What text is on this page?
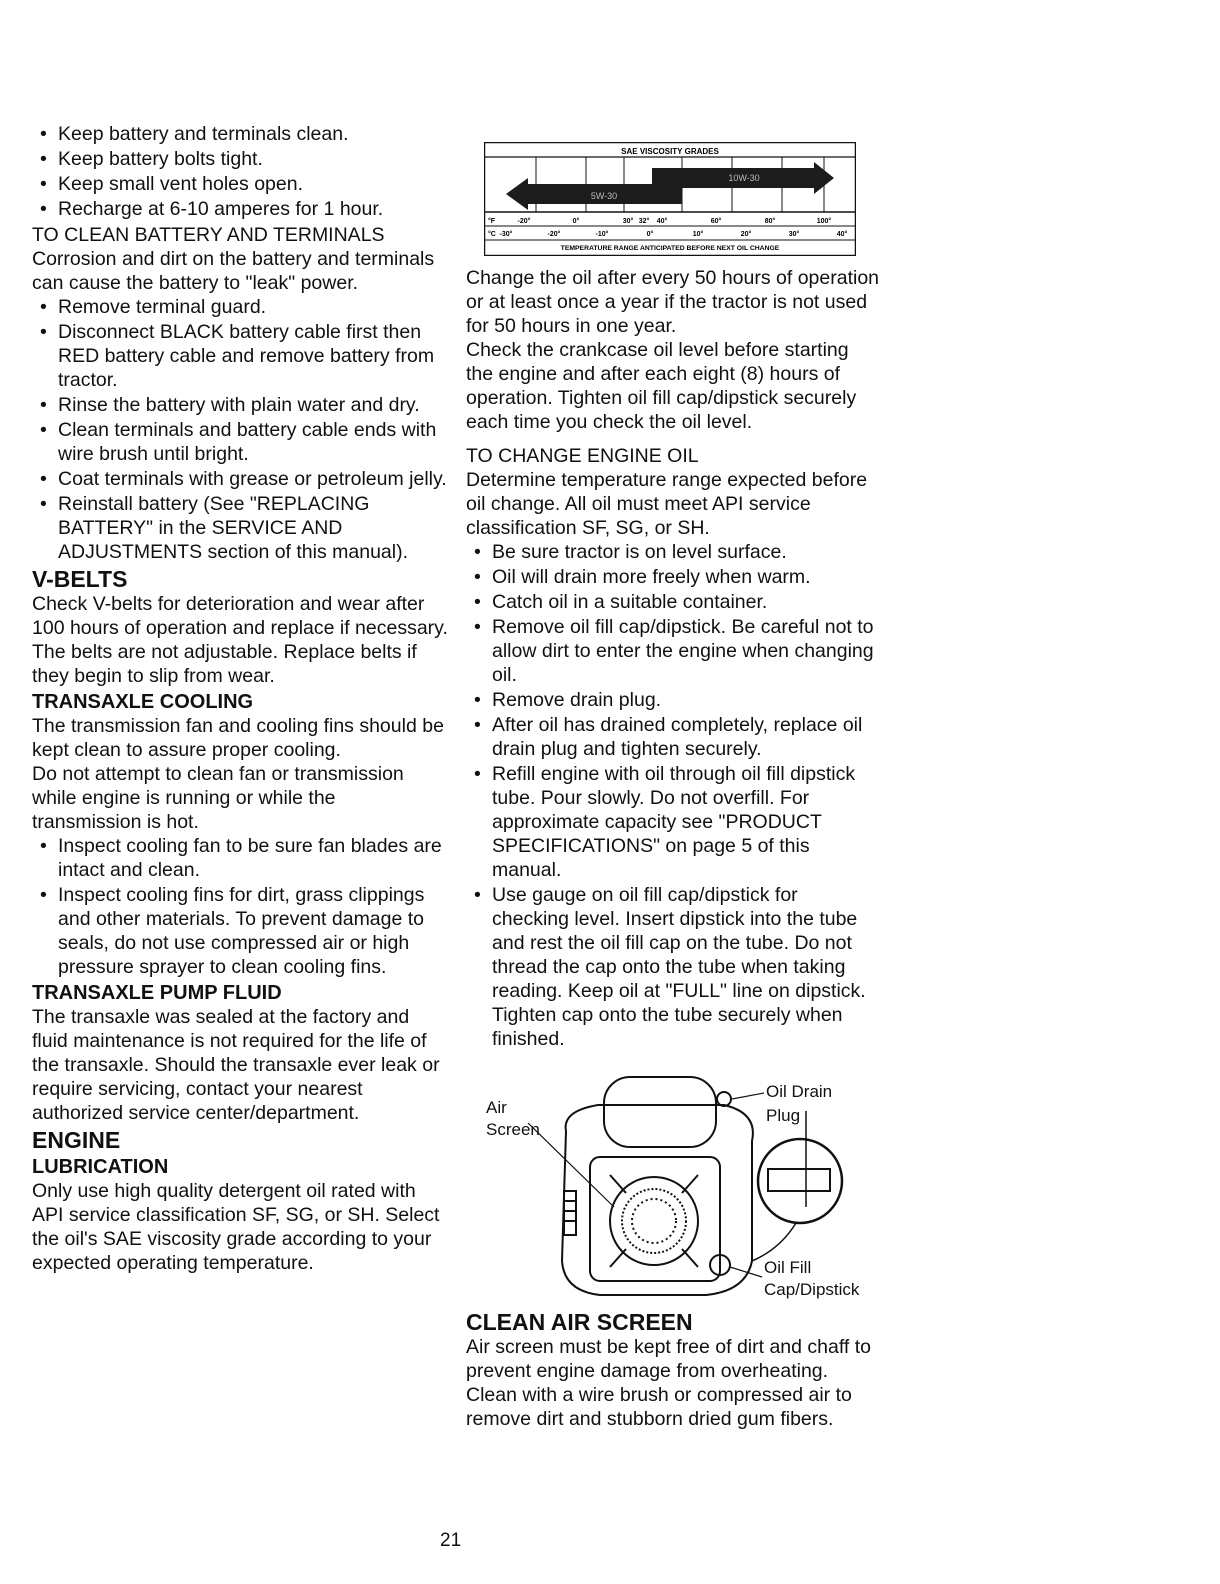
• Keep battery and terminals clean.

• Keep battery bolts tight.

• Keep small vent holes open.

• Recharge at 6-10 amperes for 1 hour.

TO CLEAN BATTERY AND TERMINALS

Corrosion and dirt on the battery and terminals can cause the battery to "leak" power.

• Remove terminal guard.

• Disconnect BLACK battery cable first then RED battery cable and remove battery from tractor.

• Rinse the battery with plain water and dry.

• Clean terminals and battery cable ends with wire brush until bright.

• Coat terminals with grease or petroleum jelly.

• Reinstall battery (See "REPLACING BATTERY" in the SERVICE AND ADJUSTMENTS section of this manual).

V-BELTS

Check V-belts for deterioration and wear after 100 hours of operation and replace if necessary. The belts are not adjustable. Replace belts if they begin to slip from wear.

TRANSAXLE COOLING

The transmission fan and cooling fins should be kept clean to assure proper cooling.

Do not attempt to clean fan or transmission while engine is running or while the transmission is hot.

• Inspect cooling fan to be sure fan blades are intact and clean.

• Inspect cooling fins for dirt, grass clippings and other materials. To prevent damage to seals, do not use compressed air or high pressure sprayer to clean cooling fins.

TRANSAXLE PUMP FLUID

The transaxle was sealed at the factory and fluid maintenance is not required for the life of the transaxle. Should the transaxle ever leak or require servicing, contact your nearest authorized service center/department.

ENGINE

LUBRICATION

Only use high quality detergent oil rated with API service classification SF, SG, or SH. Select the oil's SAE viscosity grade according to your expected operating temperature.

SAE VISCOSITY GRADES
5W-30
10W-30
°F	-20°	0°	30° 32° 40°	60°	80°	100°
°C -30°	-20°	-10°	0°	10°	20°	30°	40°
TEMPERATURE RANGE ANTICIPATED BEFORE NEXT OIL CHANGE

Change the oil after every 50 hours of operation or at least once a year if the tractor is not used for 50 hours in one year.

Check the crankcase oil level before starting the engine and after each eight (8) hours of operation. Tighten oil fill cap/dipstick securely each time you check the oil level.

TO CHANGE ENGINE OIL

Determine temperature range expected before oil change. All oil must meet API service classification SF, SG, or SH.

• Be sure tractor is on level surface.

• Oil will drain more freely when warm.

• Catch oil in a suitable container.

• Remove oil fill cap/dipstick. Be careful not to allow dirt to enter the engine when changing oil.

• Remove drain plug.

• After oil has drained completely, replace oil drain plug and tighten securely.

• Refill engine with oil through oil fill dipstick tube. Pour slowly. Do not overfill. For approximate capacity see "PRODUCT SPECIFICATIONS" on page 5 of this manual.

• Use gauge on oil fill cap/dipstick for checking level. Insert dipstick into the tube and rest the oil fill cap on the tube. Do not thread the cap onto the tube when taking reading. Keep oil at "FULL" line on dipstick. Tighten cap onto the tube securely when finished.

Air
Screen
Oil Drain
Plug
Oil Fill
Cap/Dipstick

CLEAN AIR SCREEN

Air screen must be kept free of dirt and chaff to prevent engine damage from overheating. Clean with a wire brush or compressed air to remove dirt and stubborn dried gum fibers.

21
